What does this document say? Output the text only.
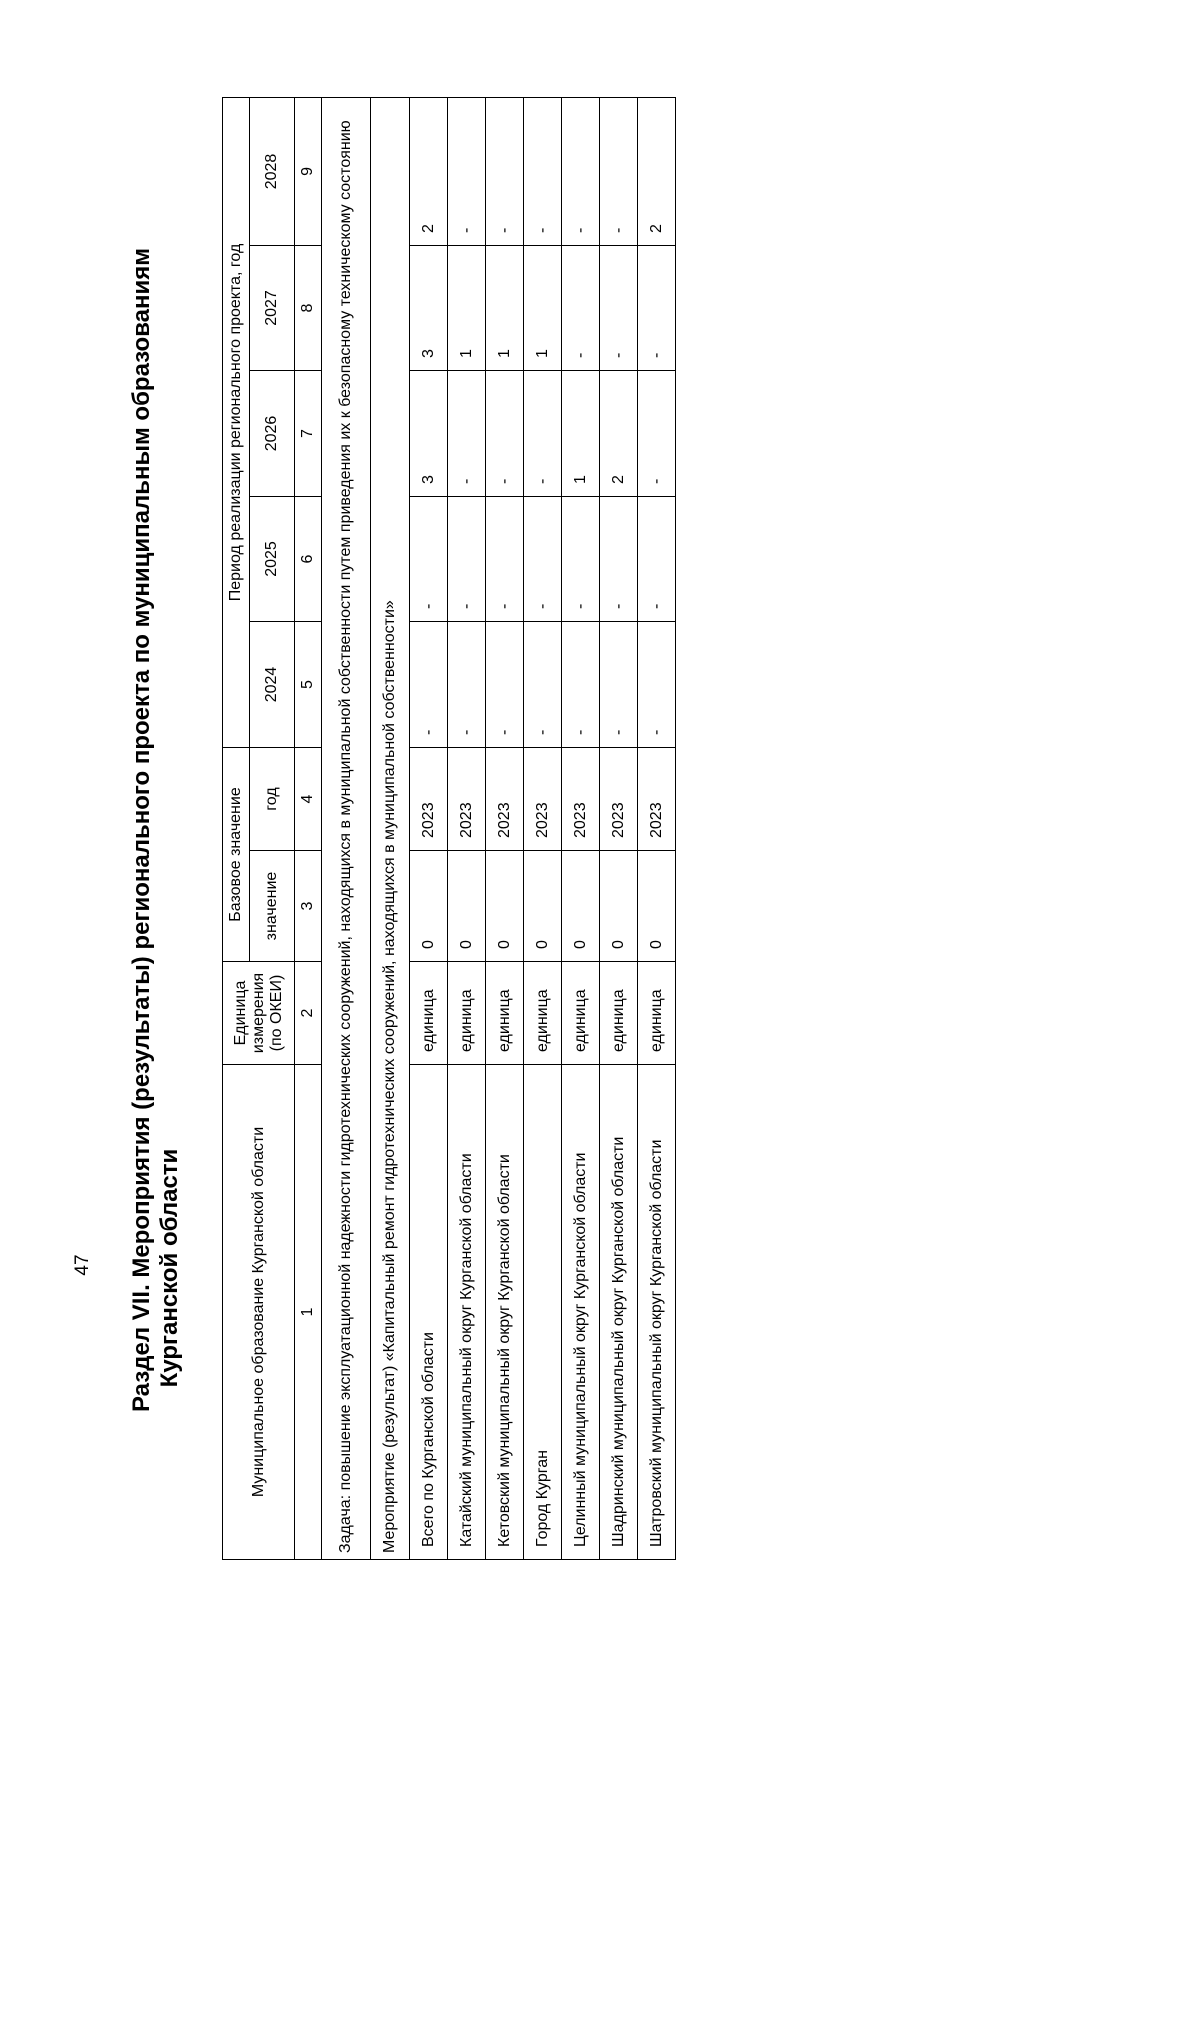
47 Раздел VII. Мероприятия (результаты) регионального проекта по муниципальным образованиям Курганской области	Муниципальное образование Курганской области	Единица измерения (по ОКЕИ)	Базовое значение		Период реализации регионального проекта, год				
		значение	год	2024	2025	2026	2027	2028
1	2	3	4	5	6	7	8	9
Задача: повышение эксплуатационной надежности гидротехнических сооружений, находящихся в муниципальной собственности путем приведения их к безопасному техническому состоянию								
Мероприятие (результат) «Капитальный ремонт гидротехнических сооружений, находящихся в муниципальной собственности»								
Всего по Курганской области	единица	0	2023	-	-	3	3	2
Катайский муниципальный округ Курганской области	единица	0	2023	-	-	-	1	-
Кетовский муниципальный округ Курганской области	единица	0	2023	-	-	-	1	-
Город Курган	единица	0	2023	-	-	-	1	-
Целинный муниципальный округ Курганской области	единица	0	2023	-	-	1	-	-
Шадринский муниципальный округ Курганской области	единица	0	2023	-	-	2	-	-
Шатровский муниципальный округ Курганской области	единица	0	2023	-	-	-	-	2
